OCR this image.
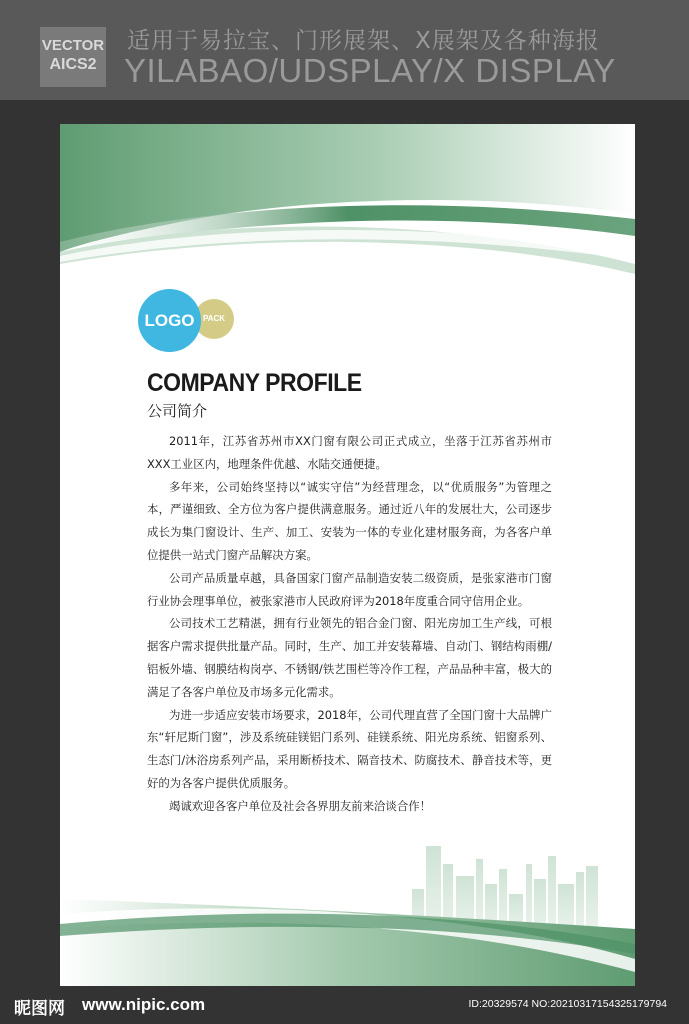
VECTOR
AICS2
适用于易拉宝、门形展架、X展架及各种海报
YILABAO/UDSPLAY/X DISPLAY
LOGO	PACK
COMPANY PROFILE
公司简介

2011年，江苏省苏州市XX门窗有限公司正式成立，坐落于江苏省苏州市XXX工业区内，地理条件优越、水陆交通便捷。

多年来，公司始终坚持以“诚实守信”为经营理念，以“优质服务”为管理之本，严谨细致、全方位为客户提供满意服务。通过近八年的发展壮大，公司逐步成长为集门窗设计、生产、加工、安装为一体的专业化建材服务商，为各客户单位提供一站式门窗产品解决方案。

公司产品质量卓越，具备国家门窗产品制造安装二级资质，是张家港市门窗行业协会理事单位，被张家港市人民政府评为2018年度重合同守信用企业。

公司技术工艺精湛，拥有行业领先的铝合金门窗、阳光房加工生产线，可根据客户需求提供批量产品。同时，生产、加工并安装幕墙、自动门、钢结构雨棚/铝板外墙、钢膜结构岗亭、不锈钢/铁艺围栏等冷作工程，产品品种丰富，极大的满足了各客户单位及市场多元化需求。

为进一步适应安装市场要求，2018年，公司代理直营了全国门窗十大品牌广东“轩尼斯门窗”，涉及系统硅镁铝门系列、硅镁系统、阳光房系统、铝窗系列、生态门/沐浴房系列产品，采用断桥技术、隔音技术、防腐技术、静音技术等，更好的为各客户提供优质服务。

竭诚欢迎各客户单位及社会各界朋友前来洽谈合作！

昵图网 www.nipic.com	ID:20329574 NO:20210317154325179794
